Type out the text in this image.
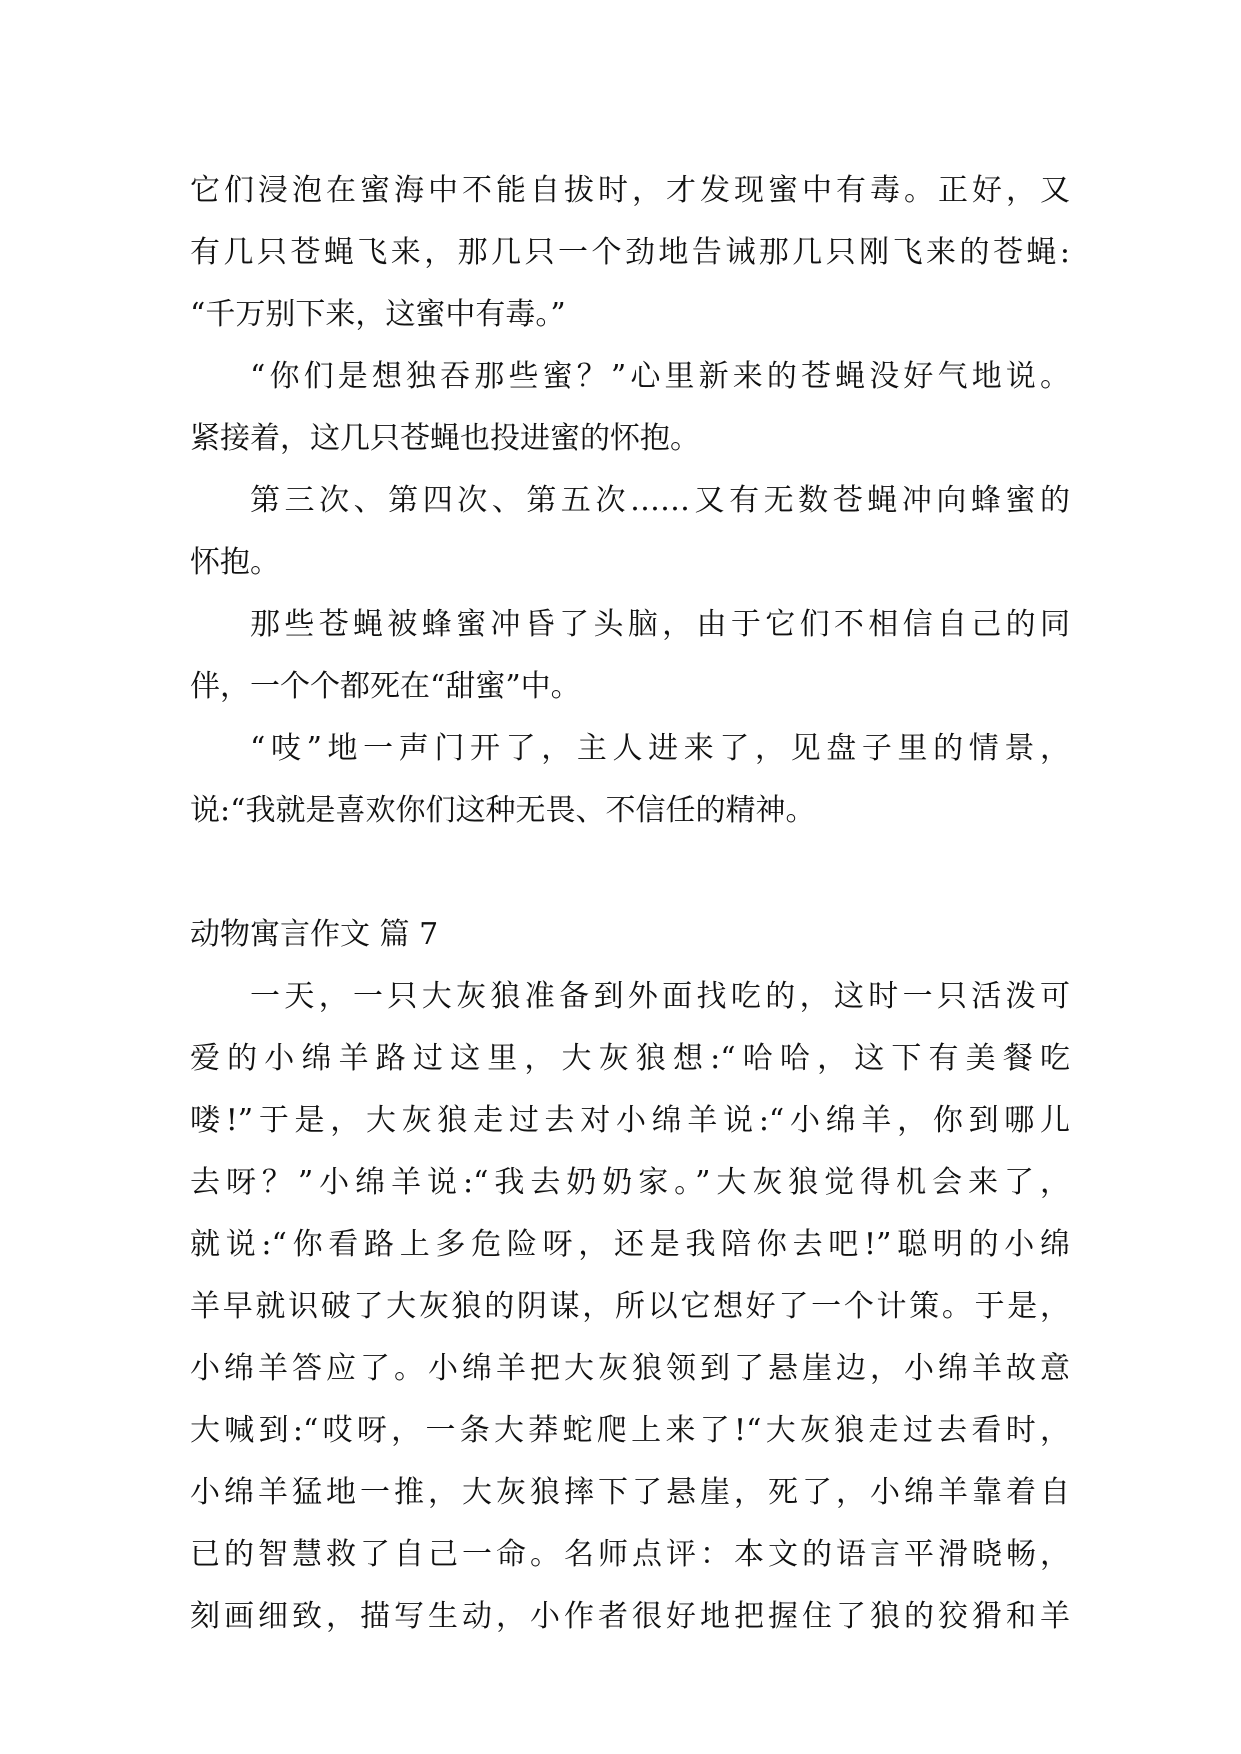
它们浸泡在蜜海中不能自拔时，才发现蜜中有毒。正好，又
有几只苍蝇飞来，那几只一个劲地告诫那几只刚飞来的苍蝇:
“千万别下来，这蜜中有毒。”
“你们是想独吞那些蜜？”心里新来的苍蝇没好气地说。
紧接着，这几只苍蝇也投进蜜的怀抱。
第三次、第四次、第五次……又有无数苍蝇冲向蜂蜜的
怀抱。
那些苍蝇被蜂蜜冲昏了头脑，由于它们不相信自己的同
伴，一个个都死在“甜蜜”中。
“吱”地一声门开了，主人进来了，见盘子里的情景，
说:“我就是喜欢你们这种无畏、不信任的精神。
动物寓言作文 篇 7
一天，一只大灰狼准备到外面找吃的，这时一只活泼可
爱的小绵羊路过这里，大灰狼想:“哈哈，这下有美餐吃
喽!”于是，大灰狼走过去对小绵羊说:“小绵羊，你到哪儿
去呀？”小绵羊说:“我去奶奶家。”大灰狼觉得机会来了，
就说:“你看路上多危险呀，还是我陪你去吧!”聪明的小绵
羊早就识破了大灰狼的阴谋，所以它想好了一个计策。于是，
小绵羊答应了。小绵羊把大灰狼领到了悬崖边，小绵羊故意
大喊到:“哎呀，一条大莽蛇爬上来了!“大灰狼走过去看时，
小绵羊猛地一推，大灰狼摔下了悬崖，死了，小绵羊靠着自
已的智慧救了自己一命。名师点评：本文的语言平滑晓畅，
刻画细致，描写生动，小作者很好地把握住了狼的狡猾和羊
